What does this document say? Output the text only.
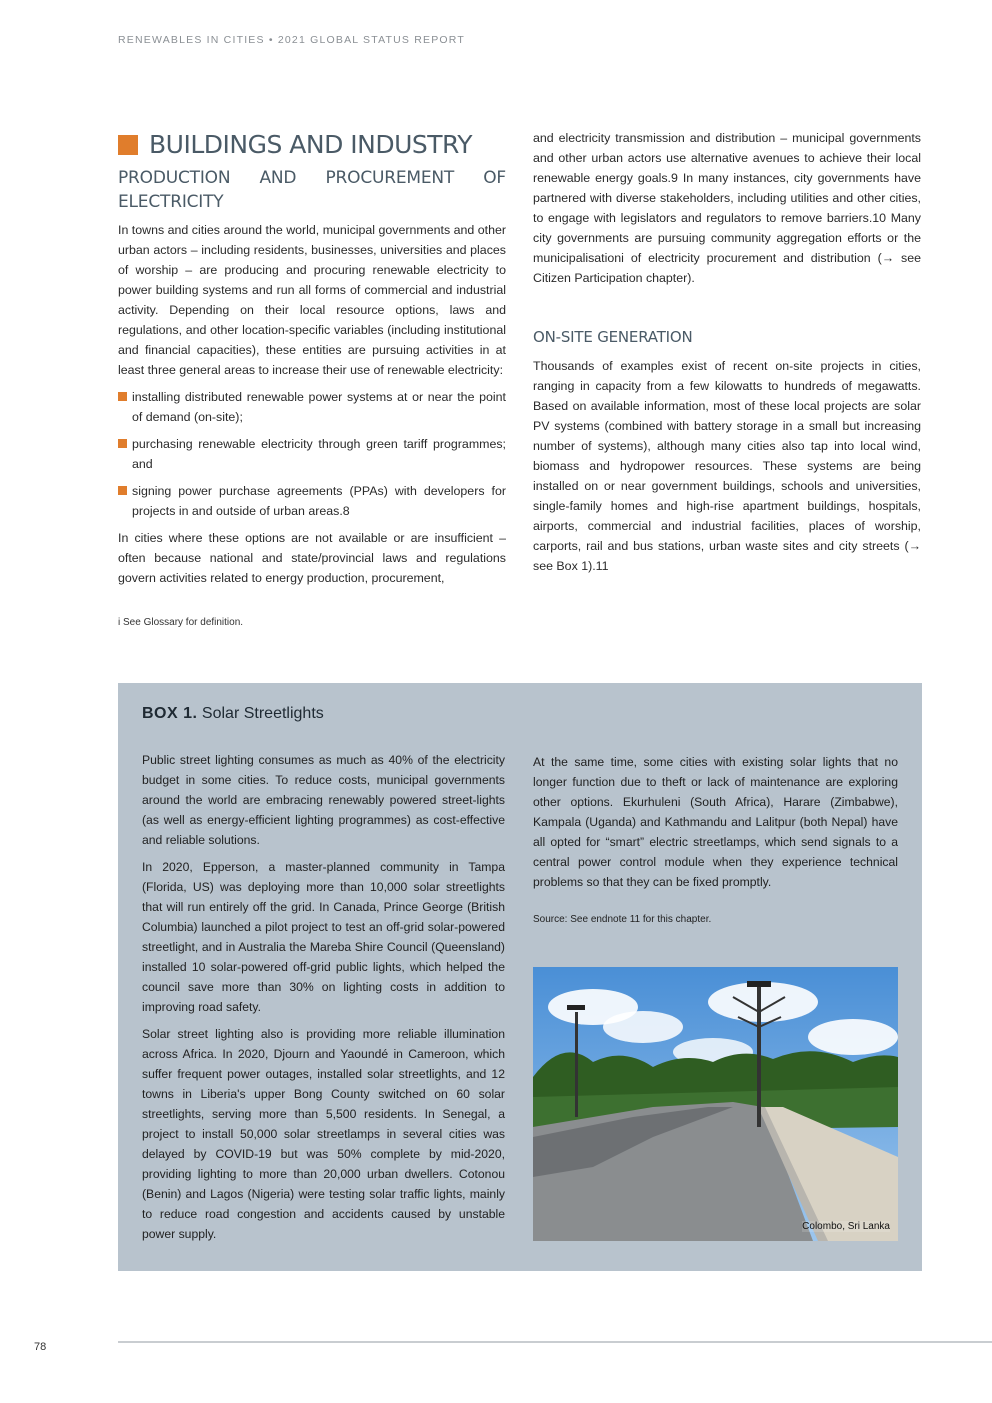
RENEWABLES IN CITIES • 2021 GLOBAL STATUS REPORT
BUILDINGS AND INDUSTRY
PRODUCTION AND PROCUREMENT OF ELECTRICITY

In towns and cities around the world, municipal governments and other urban actors – including residents, businesses, universities and places of worship – are producing and procuring renewable electricity to power building systems and run all forms of commercial and industrial activity. Depending on their local resource options, laws and regulations, and other location-specific variables (including institutional and financial capacities), these entities are pursuing activities in at least three general areas to increase their use of renewable electricity:

installing distributed renewable power systems at or near the point of demand (on-site);
purchasing renewable electricity through green tariff programmes; and
signing power purchase agreements (PPAs) with developers for projects in and outside of urban areas.8

In cities where these options are not available or are insufficient – often because national and state/provincial laws and regulations govern activities related to energy production, procurement,

and electricity transmission and distribution – municipal governments and other urban actors use alternative avenues to achieve their local renewable energy goals.9 In many instances, city governments have partnered with diverse stakeholders, including utilities and other cities, to engage with legislators and regulators to remove barriers.10 Many city governments are pursuing community aggregation efforts or the municipalisationi of electricity procurement and distribution (→ see Citizen Participation chapter).

ON-SITE GENERATION

Thousands of examples exist of recent on-site projects in cities, ranging in capacity from a few kilowatts to hundreds of megawatts. Based on available information, most of these local projects are solar PV systems (combined with battery storage in a small but increasing number of systems), although many cities also tap into local wind, biomass and hydropower resources. These systems are being installed on or near government buildings, schools and universities, single-family homes and high-rise apartment buildings, hospitals, airports, commercial and industrial facilities, places of worship, carports, rail and bus stations, urban waste sites and city streets (→ see Box 1).11

i See Glossary for definition.
BOX 1. Solar Streetlights

Public street lighting consumes as much as 40% of the electricity budget in some cities. To reduce costs, municipal governments around the world are embracing renewably powered street-lights (as well as energy-efficient lighting programmes) as cost-effective and reliable solutions.

In 2020, Epperson, a master-planned community in Tampa (Florida, US) was deploying more than 10,000 solar streetlights that will run entirely off the grid. In Canada, Prince George (British Columbia) launched a pilot project to test an off-grid solar-powered streetlight, and in Australia the Mareba Shire Council (Queensland) installed 10 solar-powered off-grid public lights, which helped the council save more than 30% on lighting costs in addition to improving road safety.

Solar street lighting also is providing more reliable illumination across Africa. In 2020, Djourn and Yaoundé in Cameroon, which suffer frequent power outages, installed solar streetlights, and 12 towns in Liberia's upper Bong County switched on 60 solar streetlights, serving more than 5,500 residents. In Senegal, a project to install 50,000 solar streetlamps in several cities was delayed by COVID-19 but was 50% complete by mid-2020, providing lighting to more than 20,000 urban dwellers. Cotonou (Benin) and Lagos (Nigeria) were testing solar traffic lights, mainly to reduce road congestion and accidents caused by unstable power supply.

At the same time, some cities with existing solar lights that no longer function due to theft or lack of maintenance are exploring other options. Ekurhuleni (South Africa), Harare (Zimbabwe), Kampala (Uganda) and Kathmandu and Lalitpur (both Nepal) have all opted for “smart” electric streetlamps, which send signals to a central power control module when they experience technical problems so that they can be fixed promptly.

Source: See endnote 11 for this chapter.
Colombo, Sri Lanka
78
